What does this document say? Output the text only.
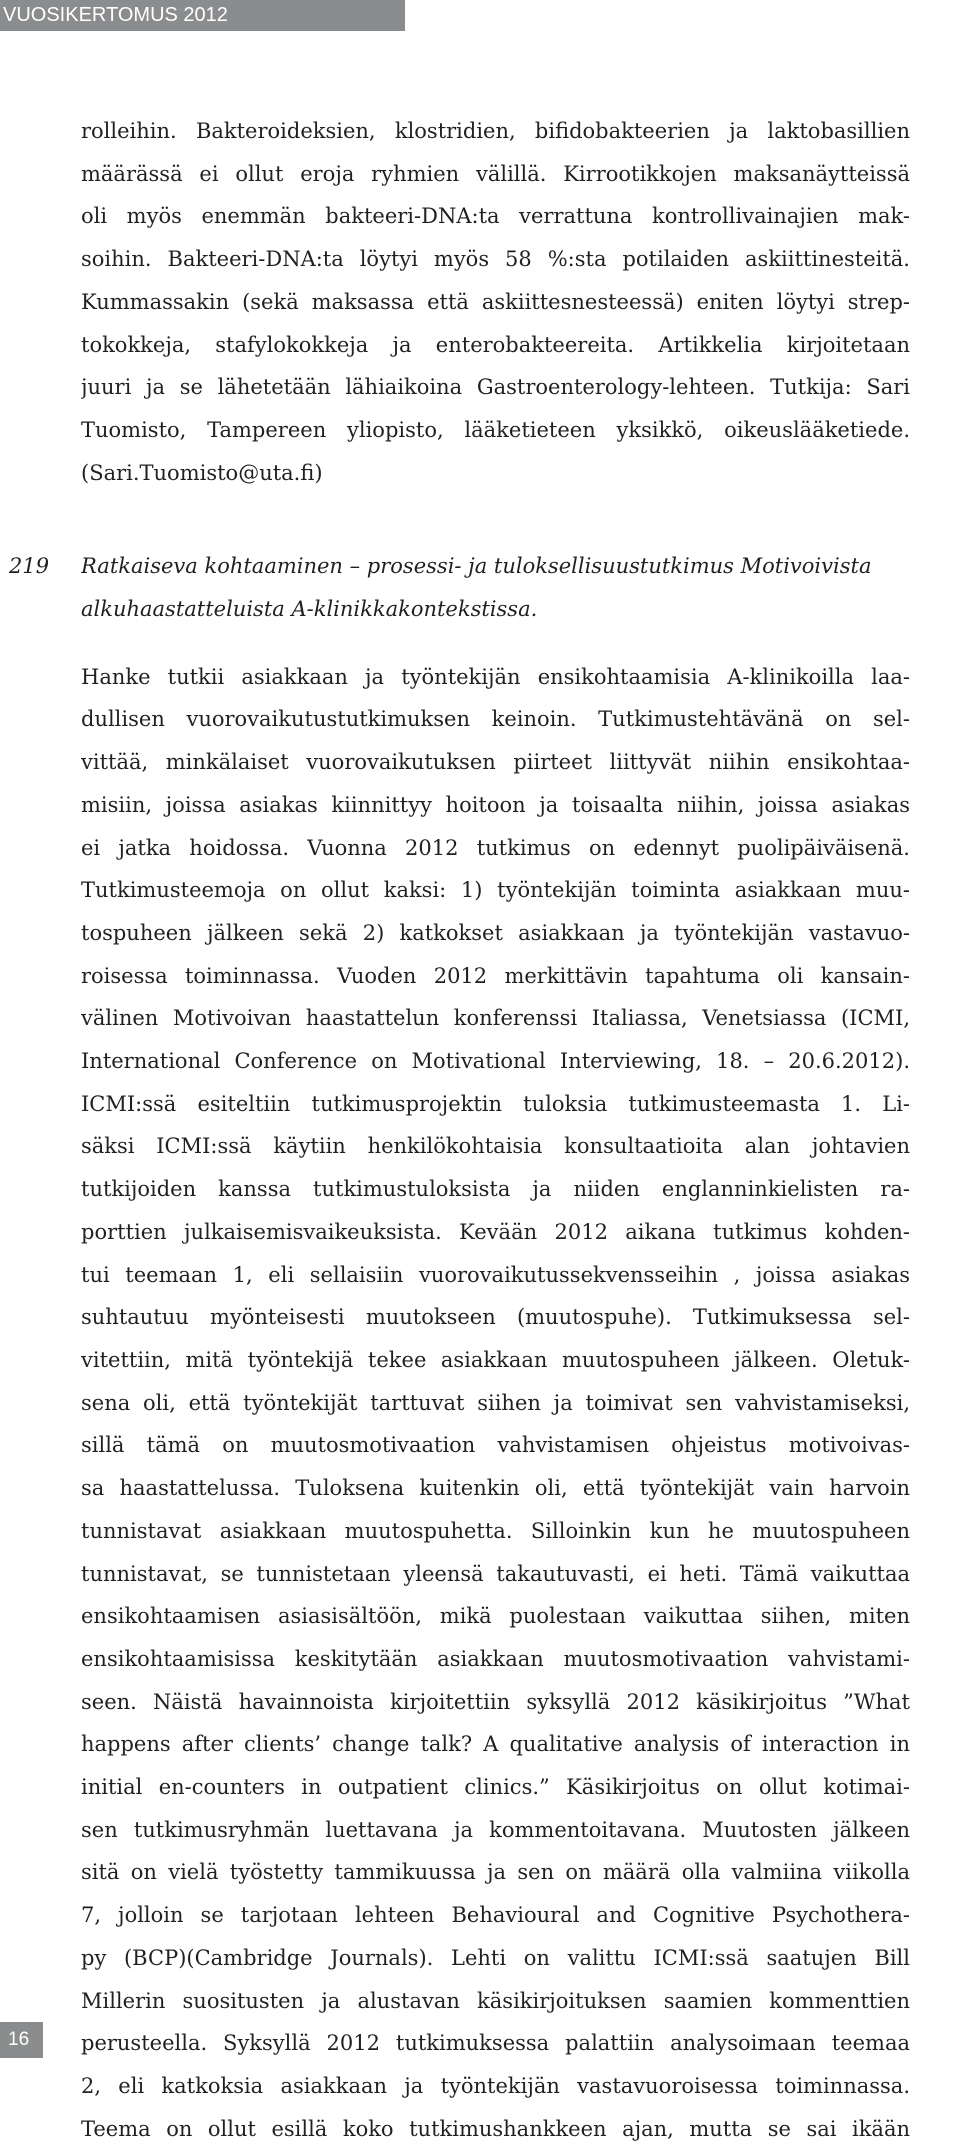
VUOSIKERTOMUS 2012
rolleihin. Bakteroideksien, klostridien, bifidobakteerien ja laktobasillien
määrässä ei ollut eroja ryhmien välillä. Kirrootikkojen maksanäytteissä
oli myös enemmän bakteeri-DNA:ta verrattuna kontrollivainajien mak-
soihin. Bakteeri-DNA:ta löytyi myös 58 %:sta potilaiden askiittinesteitä.
Kummassakin (sekä maksassa että askiittesnesteessä) eniten löytyi strep-
tokokkeja, stafylokokkeja ja enterobakteereita. Artikkelia kirjoitetaan
juuri ja se lähetetään lähiaikoina Gastroenterology-lehteen. Tutkija: Sari
Tuomisto, Tampereen yliopisto, lääketieteen yksikkö, oikeuslääketiede.
(Sari.Tuomisto@uta.fi)
219 Ratkaiseva kohtaaminen – prosessi- ja tuloksellisuustutkimus Motivoivista
alkuhaastatteluista A-klinikkakontekstissa.
Hanke tutkii asiakkaan ja työntekijän ensikohtaamisia A-klinikoilla laa-
dullisen vuorovaikutustutkimuksen keinoin. Tutkimustehtävänä on sel-
vittää, minkälaiset vuorovaikutuksen piirteet liittyvät niihin ensikohtaa-
misiin, joissa asiakas kiinnittyy hoitoon ja toisaalta niihin, joissa asiakas
ei jatka hoidossa. Vuonna 2012 tutkimus on edennyt puolipäiväisenä.
Tutkimusteemoja on ollut kaksi: 1) työntekijän toiminta asiakkaan muu-
tospuheen jälkeen sekä 2) katkokset asiakkaan ja työntekijän vastavuo-
roisessa toiminnassa. Vuoden 2012 merkittävin tapahtuma oli kansain-
välinen Motivoivan haastattelun konferenssi Italiassa, Venetsiassa (ICMI,
International Conference on Motivational Interviewing, 18. – 20.6.2012).
ICMI:ssä esiteltiin tutkimusprojektin tuloksia tutkimusteemasta 1. Li-
säksi ICMI:ssä käytiin henkilökohtaisia konsultaatioita alan johtavien
tutkijoiden kanssa tutkimustuloksista ja niiden englanninkielisten ra-
porttien julkaisemisvaikeuksista. Kevään 2012 aikana tutkimus kohden-
tui teemaan 1, eli sellaisiin vuorovaikutussekvensseihin , joissa asiakas
suhtautuu myönteisesti muutokseen (muutospuhe). Tutkimuksessa sel-
vitettiin, mitä työntekijä tekee asiakkaan muutospuheen jälkeen. Oletuk-
sena oli, että työntekijät tarttuvat siihen ja toimivat sen vahvistamiseksi,
sillä tämä on muutosmotivaation vahvistamisen ohjeistus motivoivas-
sa haastattelussa. Tuloksena kuitenkin oli, että työntekijät vain harvoin
tunnistavat asiakkaan muutospuhetta. Silloinkin kun he muutospuheen
tunnistavat, se tunnistetaan yleensä takautuvasti, ei heti. Tämä vaikuttaa
ensikohtaamisen asiasisältöön, mikä puolestaan vaikuttaa siihen, miten
ensikohtaamisissa keskitytään asiakkaan muutosmotivaation vahvistami-
seen. Näistä havainnoista kirjoitettiin syksyllä 2012 käsikirjoitus ”What
happens after clients’ change talk? A qualitative analysis of interaction in
initial en-counters in outpatient clinics.” Käsikirjoitus on ollut kotimai-
sen tutkimusryhmän luettavana ja kommentoitavana. Muutosten jälkeen
sitä on vielä työstetty tammikuussa ja sen on määrä olla valmiina viikolla
7, jolloin se tarjotaan lehteen Behavioural and Cognitive Psychothera-
py (BCP)(Cambridge Journals). Lehti on valittu ICMI:ssä saatujen Bill
Millerin suositusten ja alustavan käsikirjoituksen saamien kommenttien
perusteella. Syksyllä 2012 tutkimuksessa palattiin analysoimaan teemaa
2, eli katkoksia asiakkaan ja työntekijän vastavuoroisessa toiminnassa.
Teema on ollut esillä koko tutkimushankkeen ajan, mutta se sai ikään
16
